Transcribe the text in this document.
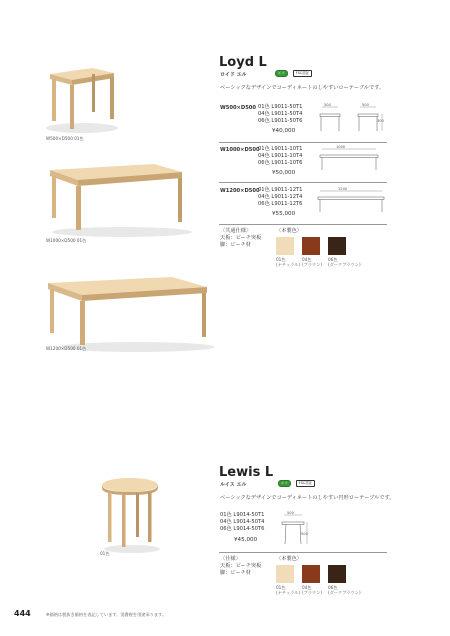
W500×D500 01色
W1000×D500 01色
W1200×D500 01色
Loyd L
エコ	FSC認証
ロイド エル
ベーシックなデザインでコーディネートのしやすいローテーブルです。
W500×D500 01色 L9011-50T1
04色 L9011-50T4
06色 L9011-50T6
¥40,000
500	500
300
W1000×D500
01色 L9011-10T1
04色 L9011-10T4
06色 L9011-10T6
¥50,000
1000
W1200×D500
01色 L9011-12T1
04色 L9011-12T4
06色 L9011-12T6
¥55,000
1200
〈共通仕様〉
天板：ビーチ突板
脚：ビーチ材
〈本製色〉
01色
(ナチュラル)
04色
(ブラウン)
06色
(ダークブラウン)
01色
Lewis L
エコ	FSC認証
ルイス エル
ベーシックなデザインでコーディネートのしやすい円形ローテーブルです。
01色 L9014-50T1
04色 L9014-50T4
06色 L9014-50T6
¥45,000
500
500
〈仕様〉
天板：ビーチ突板
脚：ビーチ材
〈本製色〉
01色
(ナチュラル)
04色
(ブラウン)
06色
(ダークブラウン)
444	※価格は税抜き価格を表記しています。消費税を別途承ります。
